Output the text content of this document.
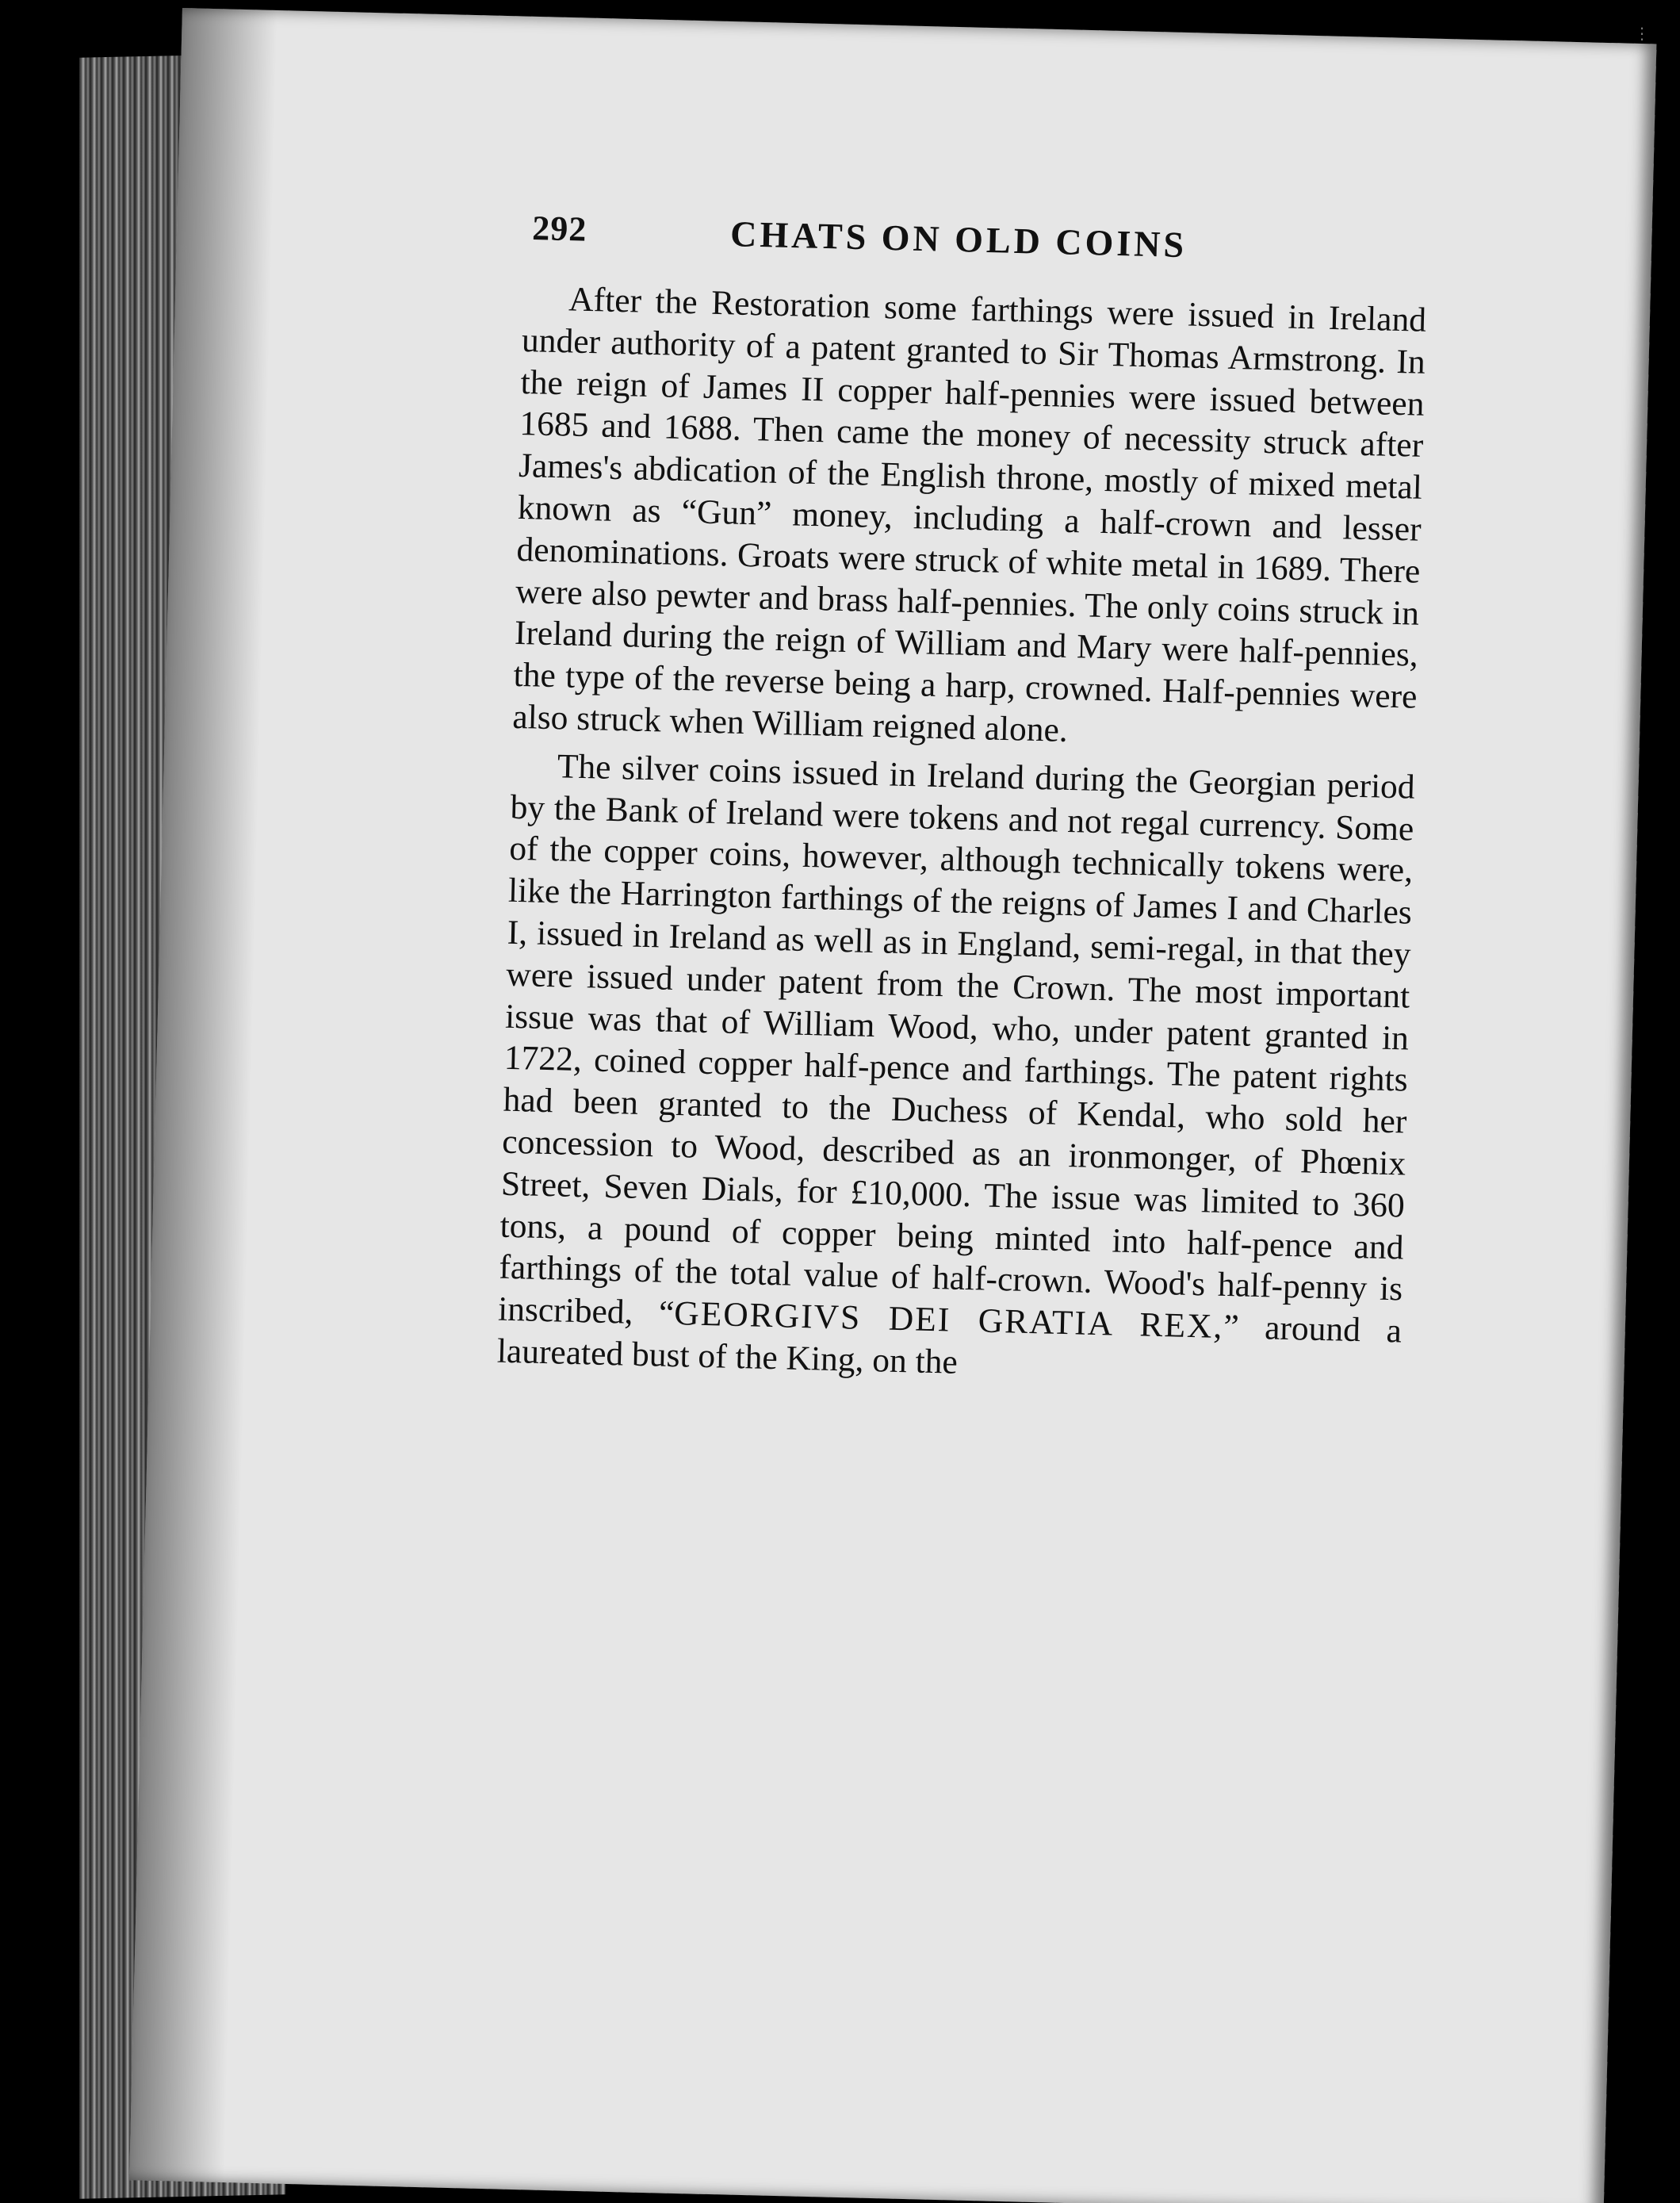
⋮
292	CHATS ON OLD COINS

After the Restoration some farthings were issued in Ireland under authority of a patent granted to Sir Thomas Armstrong. In the reign of James II copper half-pennies were issued between 1685 and 1688. Then came the money of necessity struck after James's abdication of the English throne, mostly of mixed metal known as “Gun” money, including a half-crown and lesser denominations. Groats were struck of white metal in 1689. There were also pewter and brass half-pennies. The only coins struck in Ireland during the reign of William and Mary were half-pennies, the type of the reverse being a harp, crowned. Half-pennies were also struck when William reigned alone.

The silver coins issued in Ireland during the Georgian period by the Bank of Ireland were tokens and not regal currency. Some of the copper coins, however, although technically tokens were, like the Harrington farthings of the reigns of James I and Charles I, issued in Ireland as well as in England, semi-regal, in that they were issued under patent from the Crown. The most important issue was that of William Wood, who, under patent granted in 1722, coined copper half-pence and farthings. The patent rights had been granted to the Duchess of Kendal, who sold her concession to Wood, described as an ironmonger, of Phœnix Street, Seven Dials, for £10,000. The issue was limited to 360 tons, a pound of copper being minted into half-pence and farthings of the total value of half-crown. Wood's half-penny is inscribed, “GEORGIVS DEI GRATIA REX,” around a laureated bust of the King, on the
